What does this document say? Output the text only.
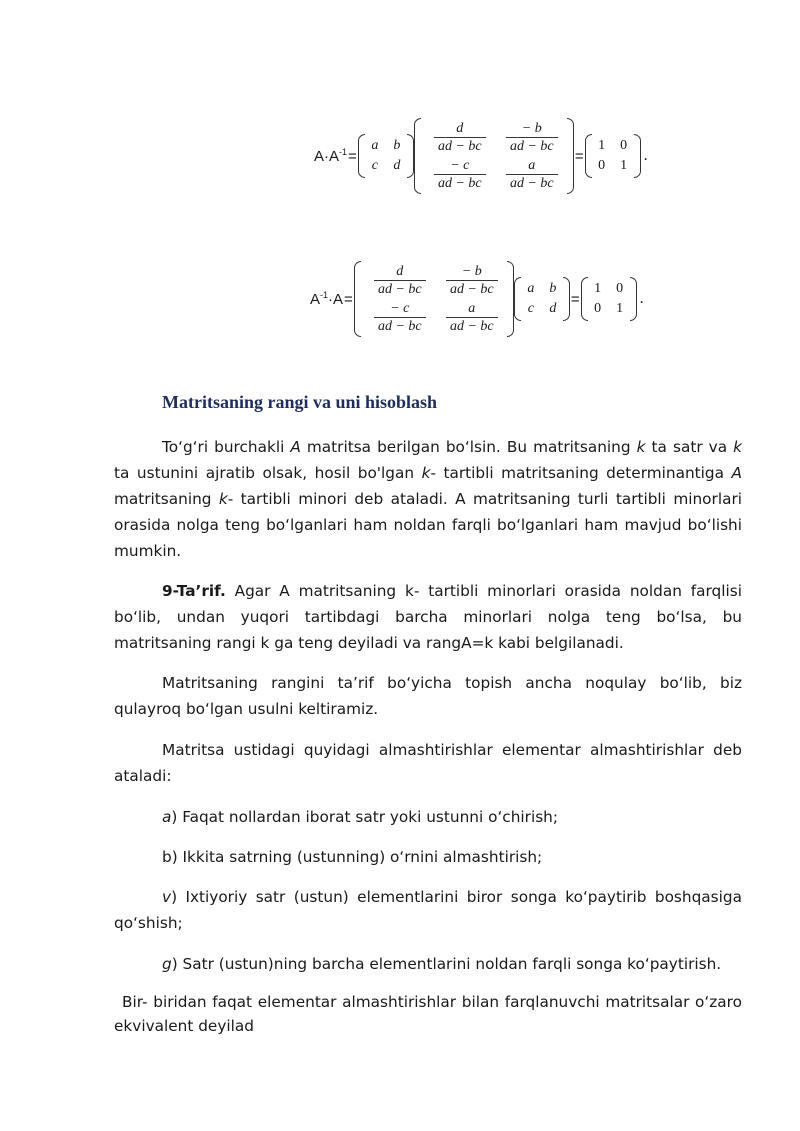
$A\cdot A^{-1}$ =
a b
c d
$\frac{d}{ad - bc} \frac{- b}{ad - bc}$
$\frac{- c}{ad - bc} \frac{a}{ad - bc}$
=
1 0
0 1
.
$A^{-1}\cdot A$ =
$\frac{d}{ad - bc} \frac{- b}{ad - bc}$
$\frac{- c}{ad - bc} \frac{a}{ad - bc}$
a b
c d
=
1 0
0 1
.
Matritsaning rangi va uni hisoblash

To‘g‘ri burchakli A matritsa berilgan bo‘lsin. Bu matritsaning k ta satr va k ta ustunini ajratib olsak, hosil bo'lgan k- tartibli matritsaning determinantiga A matritsaning k- tartibli minori deb ataladi. A matritsaning turli tartibli minorlari orasida nolga teng bo‘lganlari ham noldan farqli bo‘lganlari ham mavjud bo‘lishi mumkin.

9-Ta’rif. Agar A matritsaning k- tartibli minorlari orasida noldan farqlisi bo‘lib, undan yuqori tartibdagi barcha minorlari nolga teng bo‘lsa, bu matritsaning rangi k ga teng deyiladi va rangA=k kabi belgilanadi.

Matritsaning rangini ta’rif bo‘yicha topish ancha noqulay bo‘lib, biz qulayroq bo‘lgan usulni keltiramiz.

Matritsa ustidagi quyidagi almashtirishlar elementar almashtirishlar deb ataladi:

a) Faqat nollardan iborat satr yoki ustunni o‘chirish;

b) Ikkita satrning (ustunning) o‘rnini almashtirish;

v) Ixtiyoriy satr (ustun) elementlarini biror songa ko‘paytirib boshqasiga qo‘shish;

g) Satr (ustun)ning barcha elementlarini noldan farqli songa ko‘paytirish.

Bir- biridan faqat elementar almashtirishlar bilan farqlanuvchi matritsalar o‘zaro ekvivalent deyilad
